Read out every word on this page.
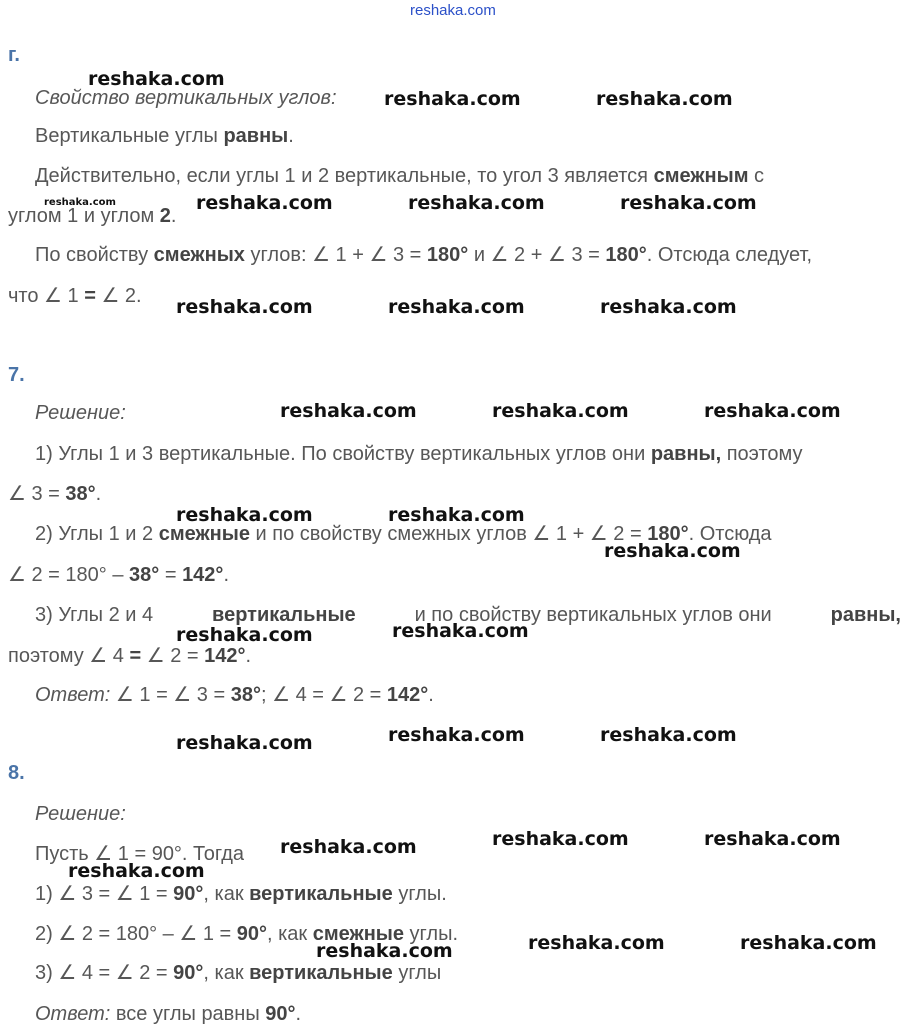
reshaka.com
г.
Свойство вертикальных углов:
Вертикальные углы равны.
Действительно, если углы 1 и 2 вертикальные, то угол 3 является смежным с
углом 1 и углом 2.
По свойству смежных углов: ∠ 1 + ∠ 3 = 180° и ∠ 2 + ∠ 3 = 180°. Отсюда следует,
что ∠ 1 = ∠ 2.
7.
Решение:
1) Углы 1 и 3 вертикальные. По свойству вертикальных углов они равны, поэтому
∠ 3 = 38°.
2) Углы 1 и 2 смежные и по свойству смежных углов ∠ 1 + ∠ 2 = 180°. Отсюда
∠ 2 = 180° – 38° = 142°.
3) Углы 2 и 4	вертикальные	и по свойству вертикальных углов они	равны,
поэтому ∠ 4 = ∠ 2 = 142°.
Ответ: ∠ 1 = ∠ 3 = 38°; ∠ 4 = ∠ 2 = 142°.
8.
Решение:
Пусть ∠ 1 = 90°. Тогда
1) ∠ 3 = ∠ 1 = 90°, как вертикальные углы.
2) ∠ 2 = 180° – ∠ 1 = 90°, как смежные углы.
3) ∠ 4 = ∠ 2 = 90°, как вертикальные углы
Ответ: все углы равны 90°.
reshaka.com
reshaka.com	reshaka.com
reshaka.com	reshaka.com	reshaka.com
reshaka.com	reshaka.com	reshaka.com
reshaka.com
reshaka.com	reshaka.com	reshaka.com
reshaka.com	reshaka.com
reshaka.com
reshaka.com	reshaka.com
reshaka.com	reshaka.com	reshaka.com
reshaka.com	reshaka.com	reshaka.com
reshaka.com
reshaka.com	reshaka.com	reshaka.com
